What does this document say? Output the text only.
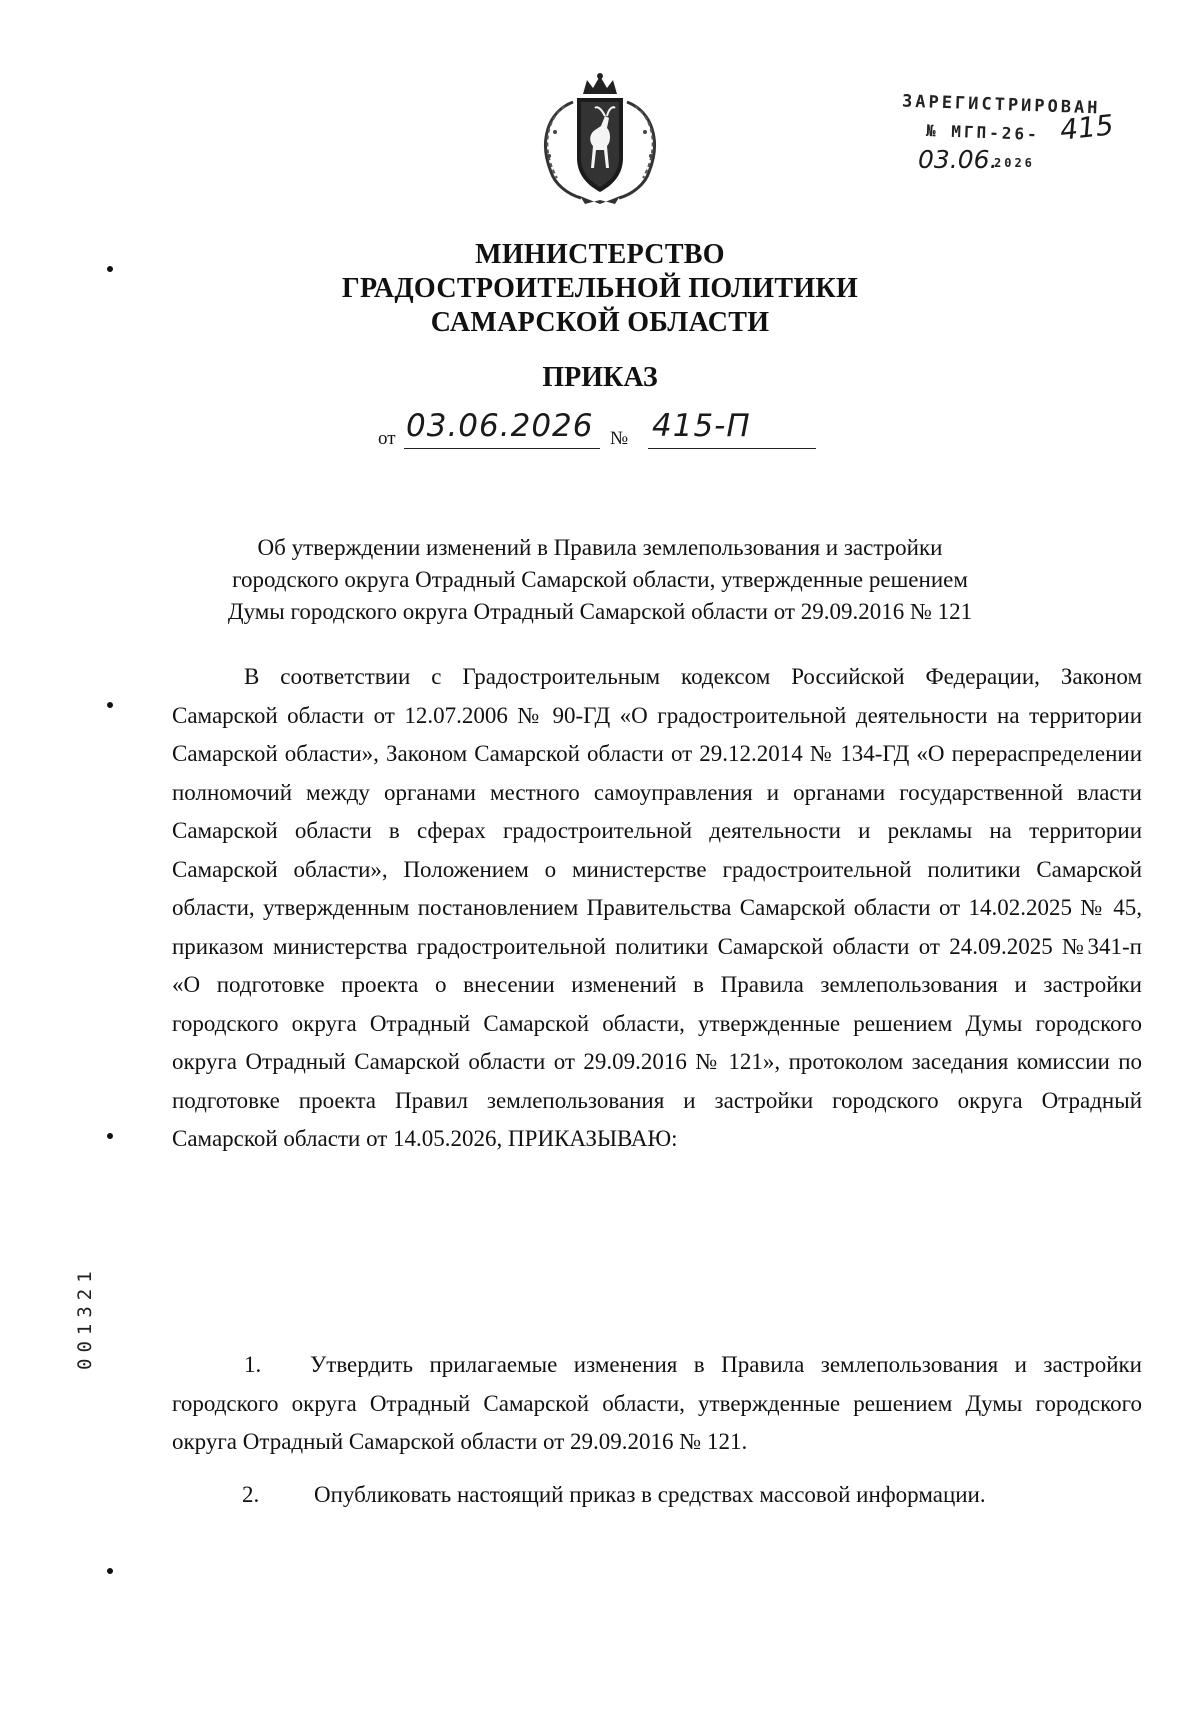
ЗАРЕГИСТРИРОВАН
№ МГП-26- 415
03.06.
2026
МИНИСТЕРСТВО
ГРАДОСТРОИТЕЛЬНОЙ ПОЛИТИКИ
САМАРСКОЙ ОБЛАСТИ
ПРИКАЗ
от 03.06.2026 № 415-П
Об утверждении изменений в Правила землепользования и застройки
городского округа Отрадный Самарской области, утвержденные решением
Думы городского округа Отрадный Самарской области от 29.09.2016 № 121

В соответствии с Градостроительным кодексом Российской Федерации, Законом Самарской области от 12.07.2006 № 90-ГД «О градостроительной деятельности на территории Самарской области», Законом Самарской области от 29.12.2014 № 134-ГД «О перераспределении полномочий между органами местного самоуправления и органами государственной власти Самарской области в сферах градостроительной деятельности и рекламы на территории Самарской области», Положением о министерстве градостроительной политики Самарской области, утвержденным постановлением Правительства Самарской области от 14.02.2025 № 45, приказом министерства градостроительной политики Самарской области от 24.09.2025 №341-п «О подготовке проекта о внесении изменений в Правила землепользования и застройки городского округа Отрадный Самарской области, утвержденные решением Думы городского округа Отрадный Самарской области от 29.09.2016 № 121», протоколом заседания комиссии по подготовке проекта Правил землепользования и застройки городского округа Отрадный Самарской области от 14.05.2026, ПРИКАЗЫВАЮ:

1. Утвердить прилагаемые изменения в Правила землепользования и застройки городского округа Отрадный Самарской области, утвержденные решением Думы городского округа Отрадный Самарской области от 29.09.2016 № 121.

2. Опубликовать настоящий приказ в средствах массовой информации.

001321
